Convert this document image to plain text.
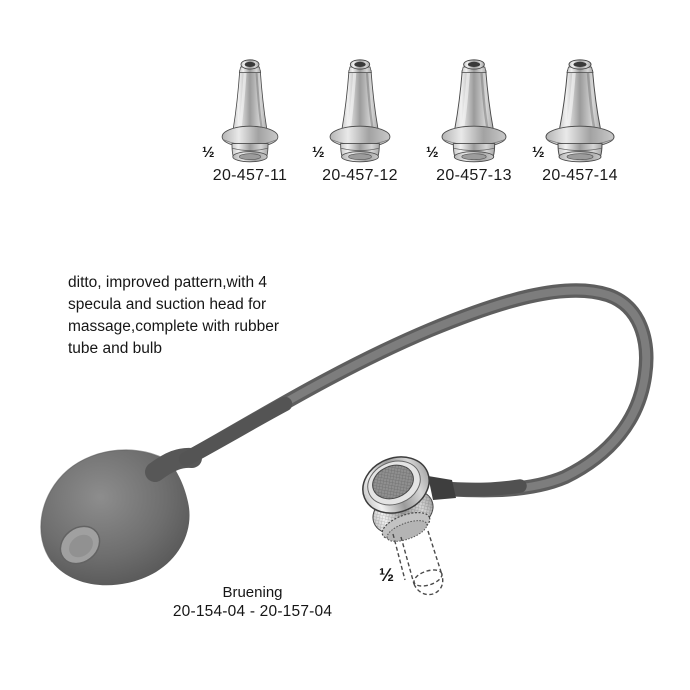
½
20-457-11
½
20-457-12
½
20-457-13
½
20-457-14
ditto, improved pattern,with 4
specula and suction head for
massage,complete with rubber
tube and bulb
½
Bruening
20-154-04 - 20-157-04
